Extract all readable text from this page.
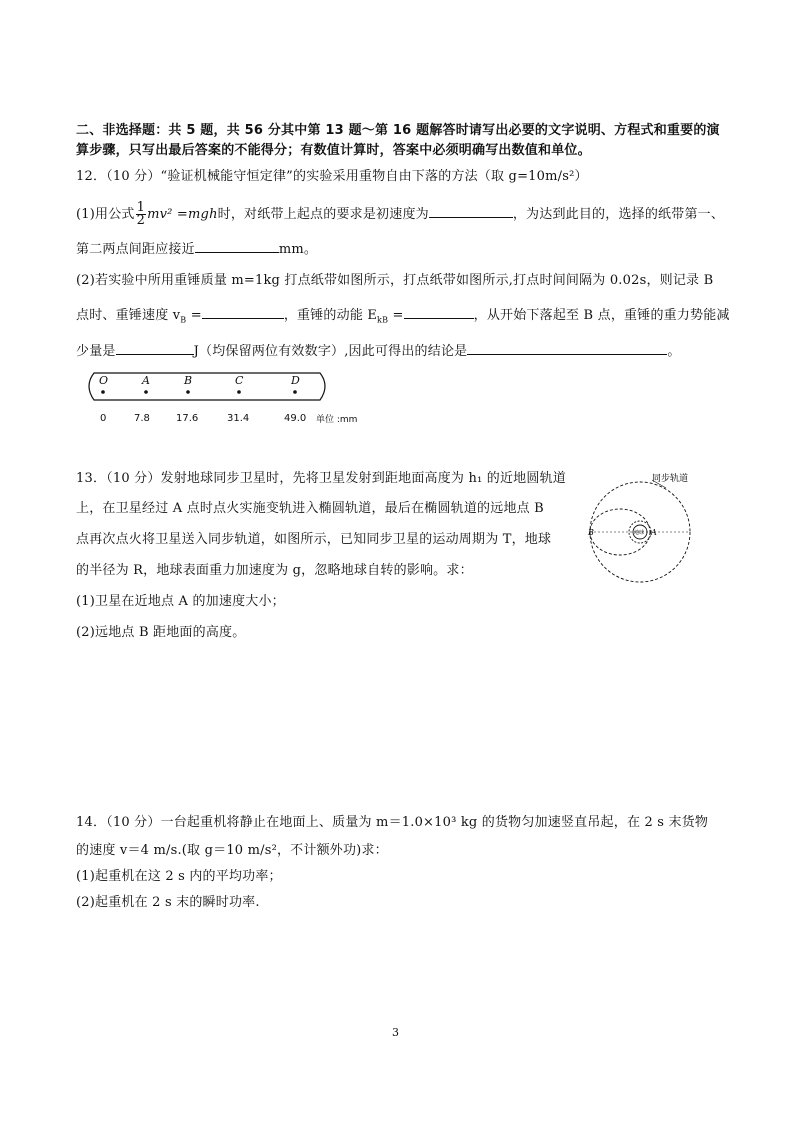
二、非选择题：共 5 题，共 56 分其中第 13 题～第 16 题解答时请写出必要的文字说明、方程式和重要的演
算步骤，只写出最后答案的不能得分；有数值计算时，答案中必须明确写出数值和单位。
12．（10 分）“验证机械能守恒定律”的实验采用重物自由下落的方法（取 g=10m/s²）
(1)用公式 $\frac{1}{2} mv^2 =mgh$时，对纸带上起点的要求是初速度为	，为达到此目的，选择的纸带第一、
第二两点间距应接近	mm。
(2)若实验中所用重锤质量 m=1kg 打点纸带如图所示，打点纸带如图所示,打点时间间隔为 0.02s，则记录 B
点时、重锤速度 $v_B$ =	，重锤的动能 $E_{kB}$ =	，从开始下落起至 B 点，重锤的重力势能减
少量是	J（均保留两位有效数字）,因此可得出的结论是	。
O	A	B	C	D
0	7.8	17.6	31.4	49.0 单位 :mm
13．（10 分）发射地球同步卫星时，先将卫星发射到距地面高度为 h₁ 的近地圆轨道
上，在卫星经过 A 点时点火实施变轨进入椭圆轨道，最后在椭圆轨道的远地点 B
点再次点火将卫星送入同步轨道，如图所示，已知同步卫星的运动周期为 T，地球
的半径为 R，地球表面重力加速度为 g，忽略地球自转的影响。求：
(1)卫星在近地点 A 的加速度大小；
(2)远地点 B 距地面的高度。
地球
B	A
同步轨道
14．（10 分）一台起重机将静止在地面上、质量为 m＝1.0×10³ kg 的货物匀加速竖直吊起，在 2 s 末货物
的速度 v＝4 m/s.(取 g＝10 m/s²，不计额外功)求：
(1)起重机在这 2 s 内的平均功率；
(2)起重机在 2 s 末的瞬时功率.
3
